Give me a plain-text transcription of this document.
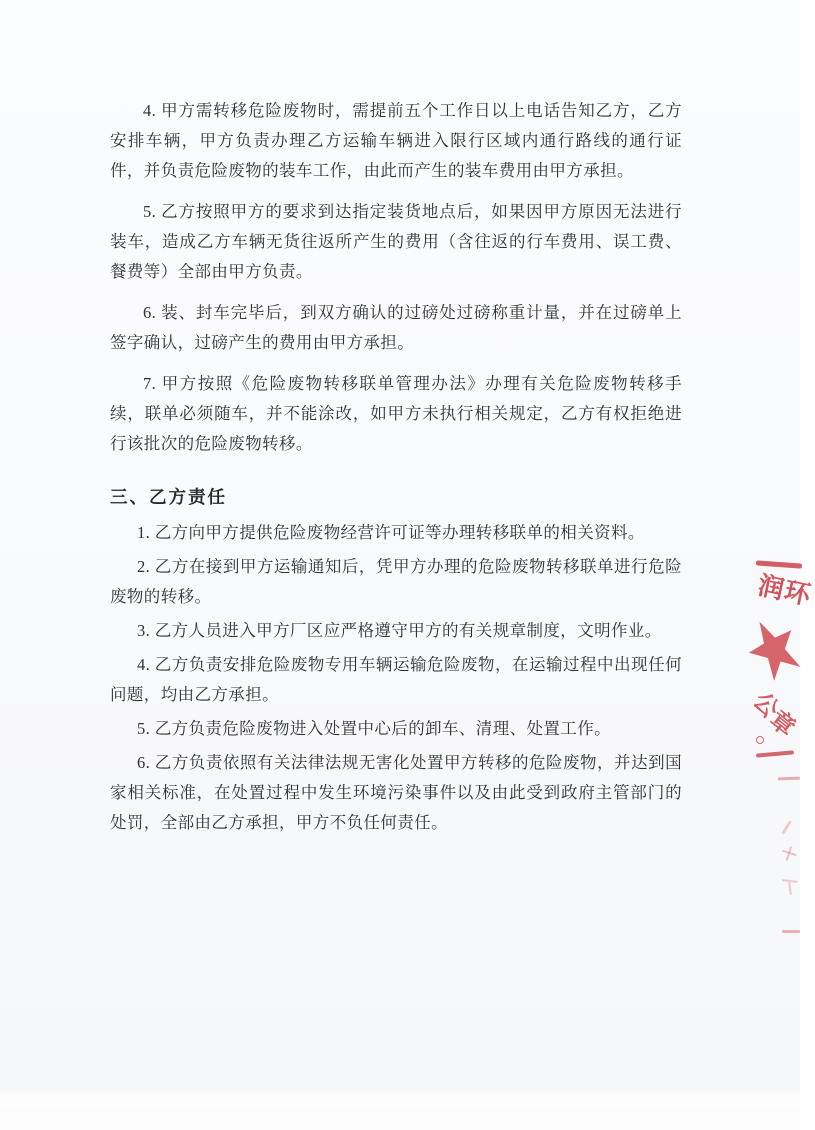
4. 甲方需转移危险废物时，需提前五个工作日以上电话告知乙方，乙方安排车辆，甲方负责办理乙方运输车辆进入限行区域内通行路线的通行证件，并负责危险废物的装车工作，由此而产生的装车费用由甲方承担。

5. 乙方按照甲方的要求到达指定装货地点后，如果因甲方原因无法进行装车，造成乙方车辆无货往返所产生的费用（含往返的行车费用、误工费、餐费等）全部由甲方负责。

6. 装、封车完毕后，到双方确认的过磅处过磅称重计量，并在过磅单上签字确认，过磅产生的费用由甲方承担。

7. 甲方按照《危险废物转移联单管理办法》办理有关危险废物转移手续，联单必须随车，并不能涂改，如甲方未执行相关规定，乙方有权拒绝进行该批次的危险废物转移。

三、乙方责任

1. 乙方向甲方提供危险废物经营许可证等办理转移联单的相关资料。

2. 乙方在接到甲方运输通知后，凭甲方办理的危险废物转移联单进行危险废物的转移。

3. 乙方人员进入甲方厂区应严格遵守甲方的有关规章制度，文明作业。

4. 乙方负责安排危险废物专用车辆运输危险废物，在运输过程中出现任何问题，均由乙方承担。

5. 乙方负责危险废物进入处置中心后的卸车、清理、处置工作。

6. 乙方负责依照有关法律法规无害化处置甲方转移的危险废物，并达到国家相关标准，在处置过程中发生环境污染事件以及由此受到政府主管部门的处罚，全部由乙方承担，甲方不负任何责任。

润环
公
章
